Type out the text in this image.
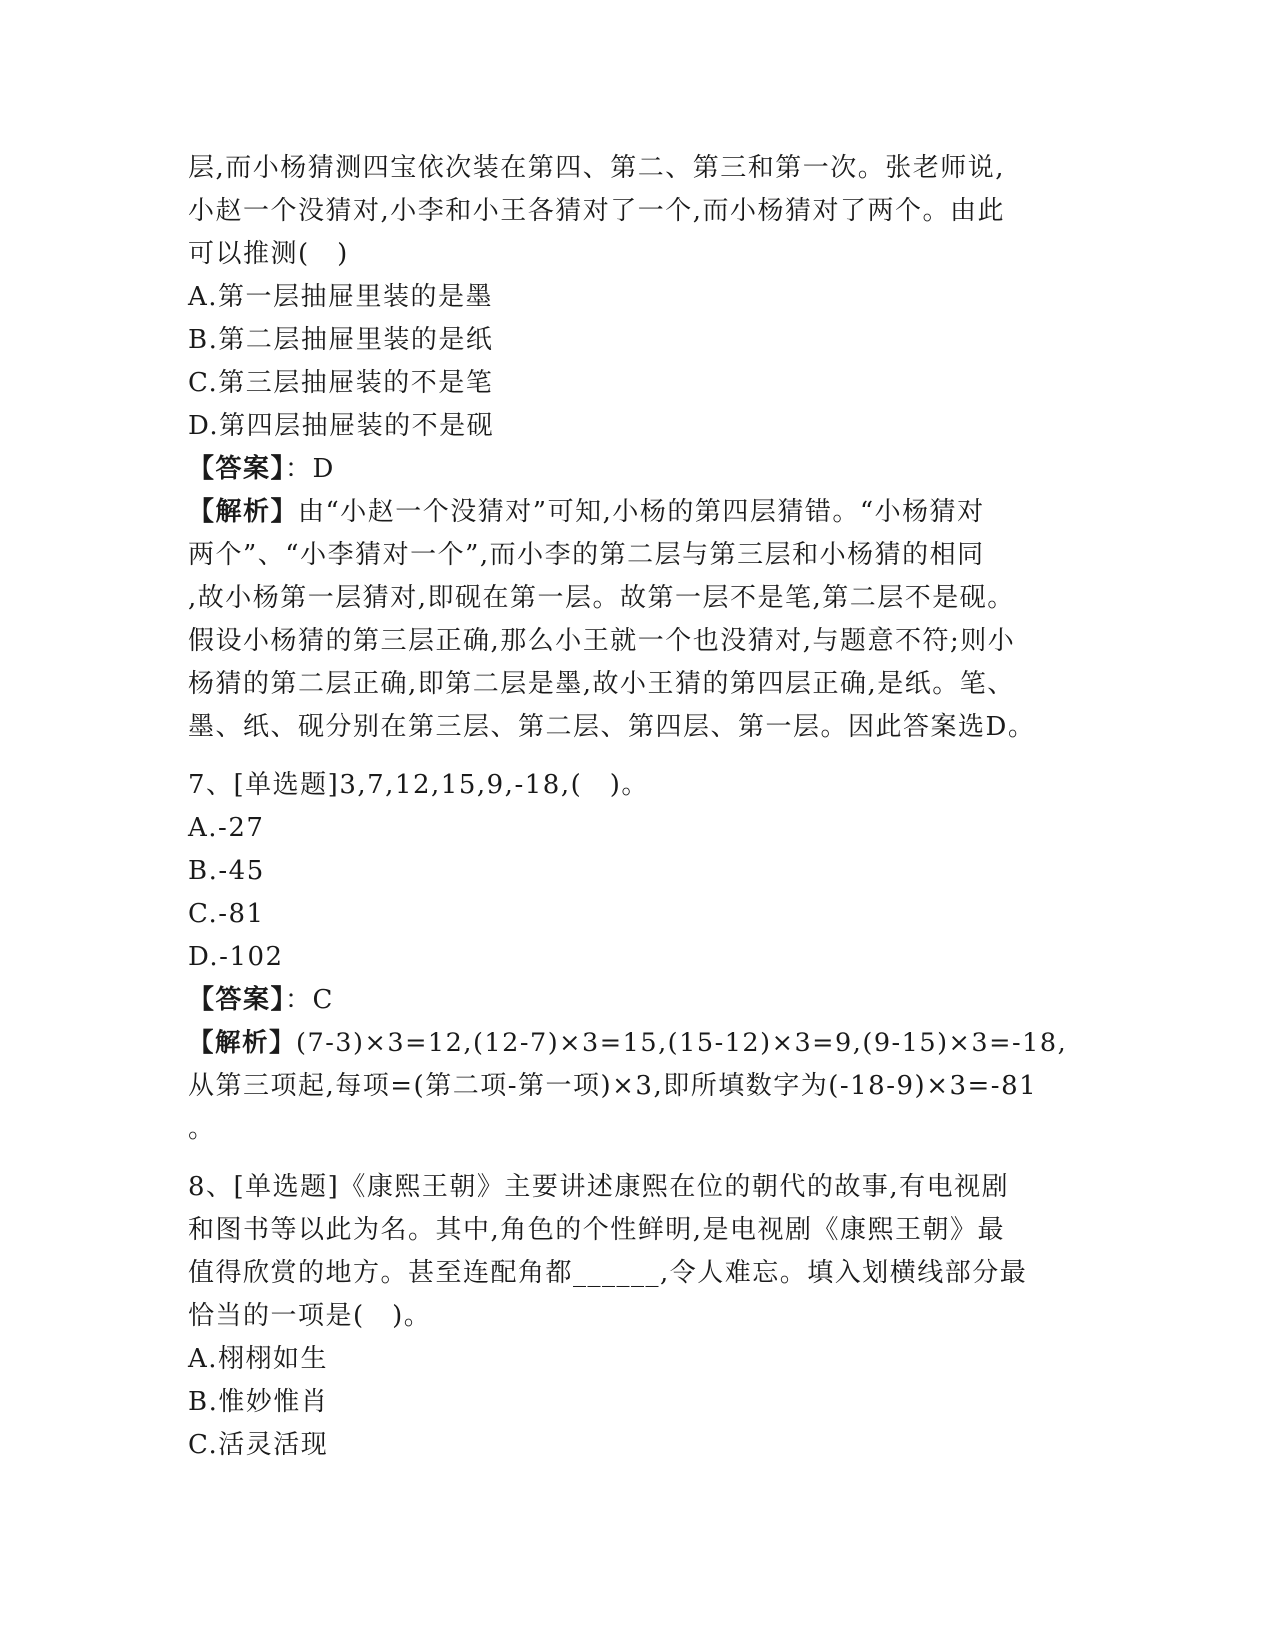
层,而小杨猜测四宝依次装在第四、第二、第三和第一次。张老师说,
小赵一个没猜对,小李和小王各猜对了一个,而小杨猜对了两个。由此
可以推测(　)
A.第一层抽屉里装的是墨
B.第二层抽屉里装的是纸
C.第三层抽屉装的不是笔
D.第四层抽屉装的不是砚
【答案】：D
【解析】由“小赵一个没猜对”可知,小杨的第四层猜错。“小杨猜对
两个”、“小李猜对一个”,而小李的第二层与第三层和小杨猜的相同
,故小杨第一层猜对,即砚在第一层。故第一层不是笔,第二层不是砚。
假设小杨猜的第三层正确,那么小王就一个也没猜对,与题意不符;则小
杨猜的第二层正确,即第二层是墨,故小王猜的第四层正确,是纸。笔、
墨、纸、砚分别在第三层、第二层、第四层、第一层。因此答案选D。
7、[单选题]3,7,12,15,9,-18,(　)。
A.-27
B.-45
C.-81
D.-102
【答案】：C
【解析】(7-3)×3=12,(12-7)×3=15,(15-12)×3=9,(9-15)×3=-18,
从第三项起,每项=(第二项-第一项)×3,即所填数字为(-18-9)×3=-81
。
8、[单选题]《康熙王朝》主要讲述康熙在位的朝代的故事,有电视剧
和图书等以此为名。其中,角色的个性鲜明,是电视剧《康熙王朝》最
值得欣赏的地方。甚至连配角都______,令人难忘。填入划横线部分最
恰当的一项是(　)。
A.栩栩如生
B.惟妙惟肖
C.活灵活现
